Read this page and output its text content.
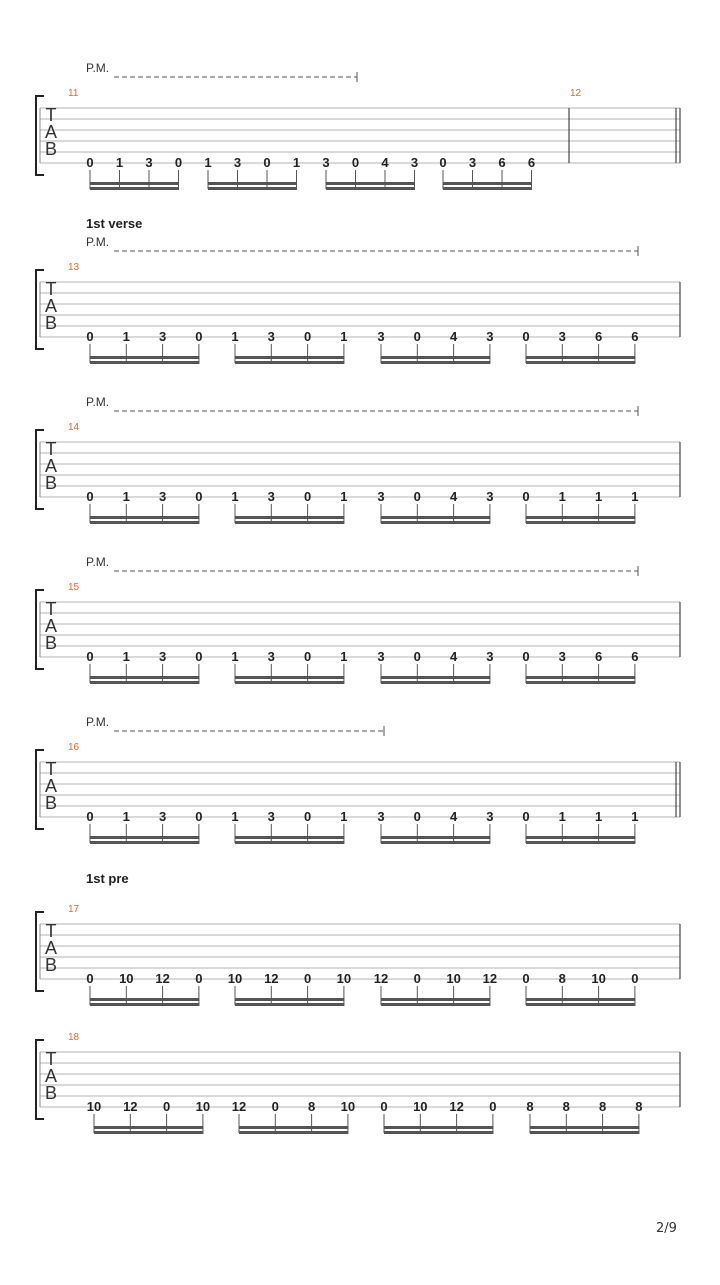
P.M.
T
A
B
11
0 1 3 0 1 3 0 1 3 0 4 3 0 3 6 6
12
1st verse
P.M.
T
A
B
13
0 1 3 0 1 3 0 1 3 0 4 3 0 3 6 6
P.M.
T
A
B
14
0 1 3 0 1 3 0 1 3 0 4 3 0 1 1 1
P.M.
T
A
B
15
0 1 3 0 1 3 0 1 3 0 4 3 0 3 6 6
P.M.
T
A
B
16
0 1 3 0 1 3 0 1 3 0 4 3 0 1 1 1
1st pre
T
A
B
17
0 10 12 0 10 12 0 10 12 0 10 12 0 8 10 0
T
A
B
18
10 12 0 10 12 0 8 10 0 10 12 0 8 8 8 8
2/9
